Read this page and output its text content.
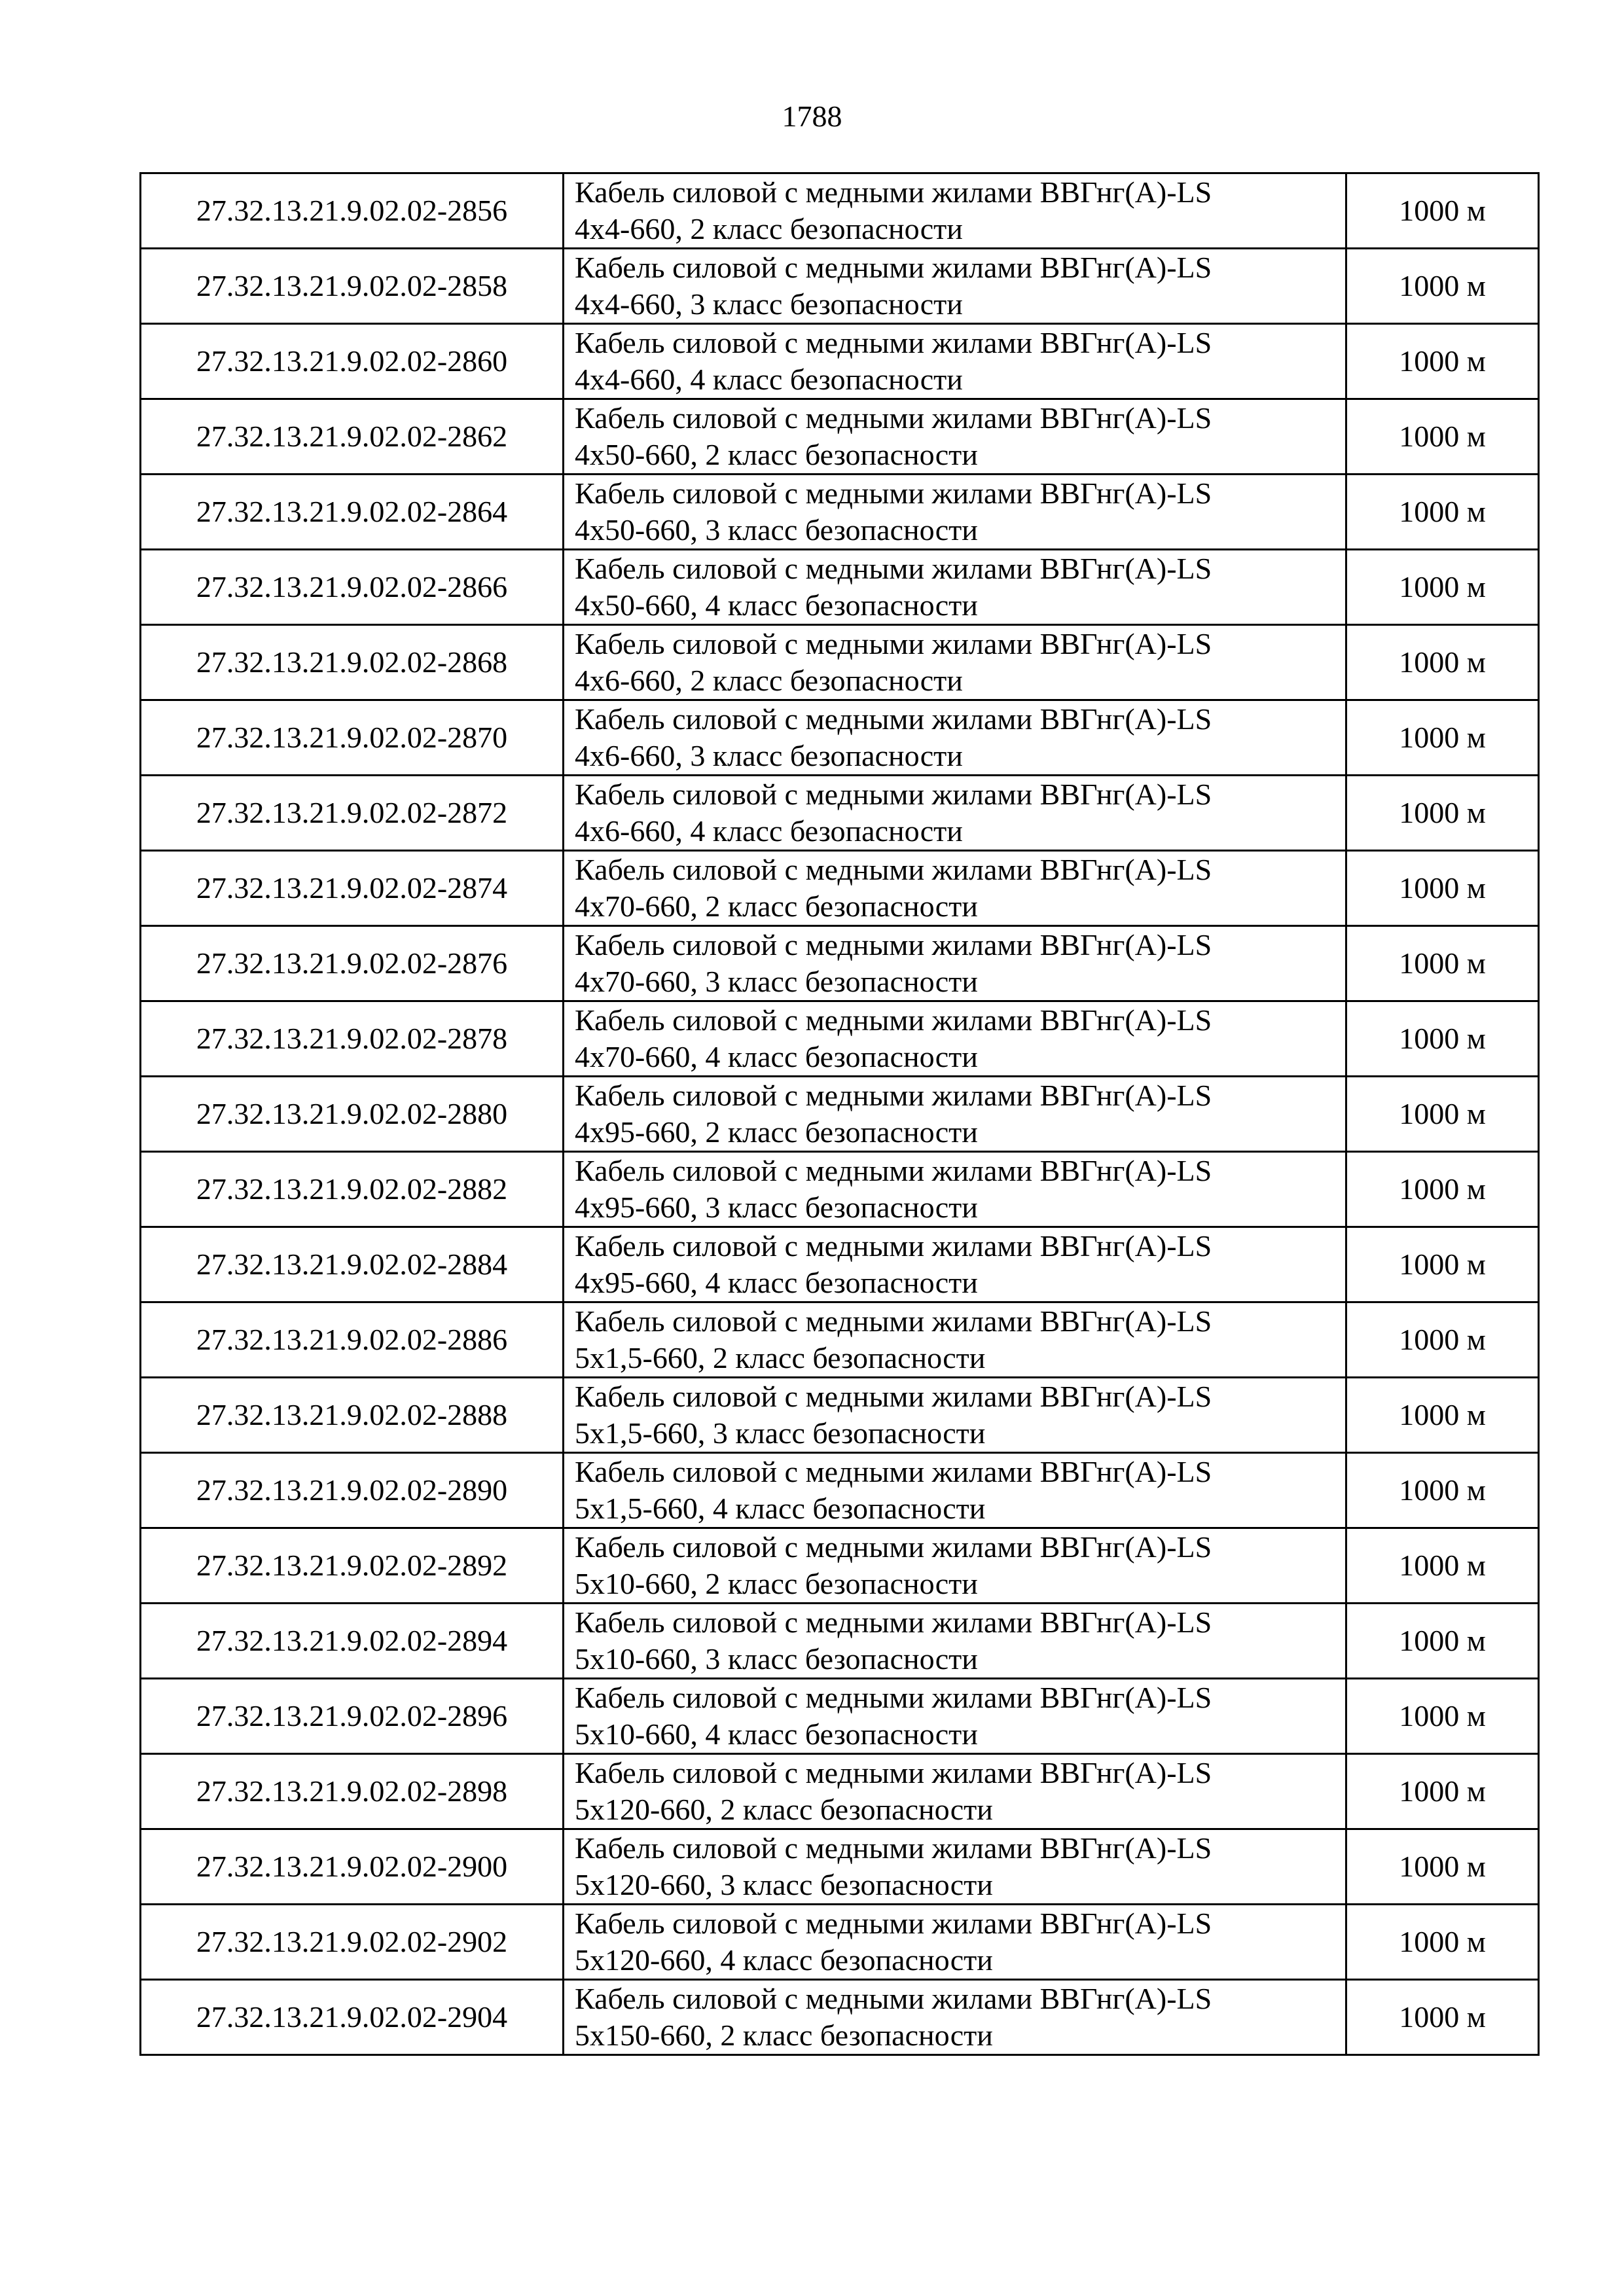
1788
27.32.13.21.9.02.02-2856	Кабель силовой с медными жилами ВВГнг(А)-LS
4х4-660, 2 класс безопасности	1000 м
27.32.13.21.9.02.02-2858	Кабель силовой с медными жилами ВВГнг(А)-LS
4х4-660, 3 класс безопасности	1000 м
27.32.13.21.9.02.02-2860	Кабель силовой с медными жилами ВВГнг(А)-LS
4х4-660, 4 класс безопасности	1000 м
27.32.13.21.9.02.02-2862	Кабель силовой с медными жилами ВВГнг(А)-LS
4х50-660, 2 класс безопасности	1000 м
27.32.13.21.9.02.02-2864	Кабель силовой с медными жилами ВВГнг(А)-LS
4х50-660, 3 класс безопасности	1000 м
27.32.13.21.9.02.02-2866	Кабель силовой с медными жилами ВВГнг(А)-LS
4х50-660, 4 класс безопасности	1000 м
27.32.13.21.9.02.02-2868	Кабель силовой с медными жилами ВВГнг(А)-LS
4х6-660, 2 класс безопасности	1000 м
27.32.13.21.9.02.02-2870	Кабель силовой с медными жилами ВВГнг(А)-LS
4х6-660, 3 класс безопасности	1000 м
27.32.13.21.9.02.02-2872	Кабель силовой с медными жилами ВВГнг(А)-LS
4х6-660, 4 класс безопасности	1000 м
27.32.13.21.9.02.02-2874	Кабель силовой с медными жилами ВВГнг(А)-LS
4х70-660, 2 класс безопасности	1000 м
27.32.13.21.9.02.02-2876	Кабель силовой с медными жилами ВВГнг(А)-LS
4х70-660, 3 класс безопасности	1000 м
27.32.13.21.9.02.02-2878	Кабель силовой с медными жилами ВВГнг(А)-LS
4х70-660, 4 класс безопасности	1000 м
27.32.13.21.9.02.02-2880	Кабель силовой с медными жилами ВВГнг(А)-LS
4х95-660, 2 класс безопасности	1000 м
27.32.13.21.9.02.02-2882	Кабель силовой с медными жилами ВВГнг(А)-LS
4х95-660, 3 класс безопасности	1000 м
27.32.13.21.9.02.02-2884	Кабель силовой с медными жилами ВВГнг(А)-LS
4х95-660, 4 класс безопасности	1000 м
27.32.13.21.9.02.02-2886	Кабель силовой с медными жилами ВВГнг(А)-LS
5х1,5-660, 2 класс безопасности	1000 м
27.32.13.21.9.02.02-2888	Кабель силовой с медными жилами ВВГнг(А)-LS
5х1,5-660, 3 класс безопасности	1000 м
27.32.13.21.9.02.02-2890	Кабель силовой с медными жилами ВВГнг(А)-LS
5х1,5-660, 4 класс безопасности	1000 м
27.32.13.21.9.02.02-2892	Кабель силовой с медными жилами ВВГнг(А)-LS
5х10-660, 2 класс безопасности	1000 м
27.32.13.21.9.02.02-2894	Кабель силовой с медными жилами ВВГнг(А)-LS
5х10-660, 3 класс безопасности	1000 м
27.32.13.21.9.02.02-2896	Кабель силовой с медными жилами ВВГнг(А)-LS
5х10-660, 4 класс безопасности	1000 м
27.32.13.21.9.02.02-2898	Кабель силовой с медными жилами ВВГнг(А)-LS
5х120-660, 2 класс безопасности	1000 м
27.32.13.21.9.02.02-2900	Кабель силовой с медными жилами ВВГнг(А)-LS
5х120-660, 3 класс безопасности	1000 м
27.32.13.21.9.02.02-2902	Кабель силовой с медными жилами ВВГнг(А)-LS
5х120-660, 4 класс безопасности	1000 м
27.32.13.21.9.02.02-2904	Кабель силовой с медными жилами ВВГнг(А)-LS
5х150-660, 2 класс безопасности	1000 м
